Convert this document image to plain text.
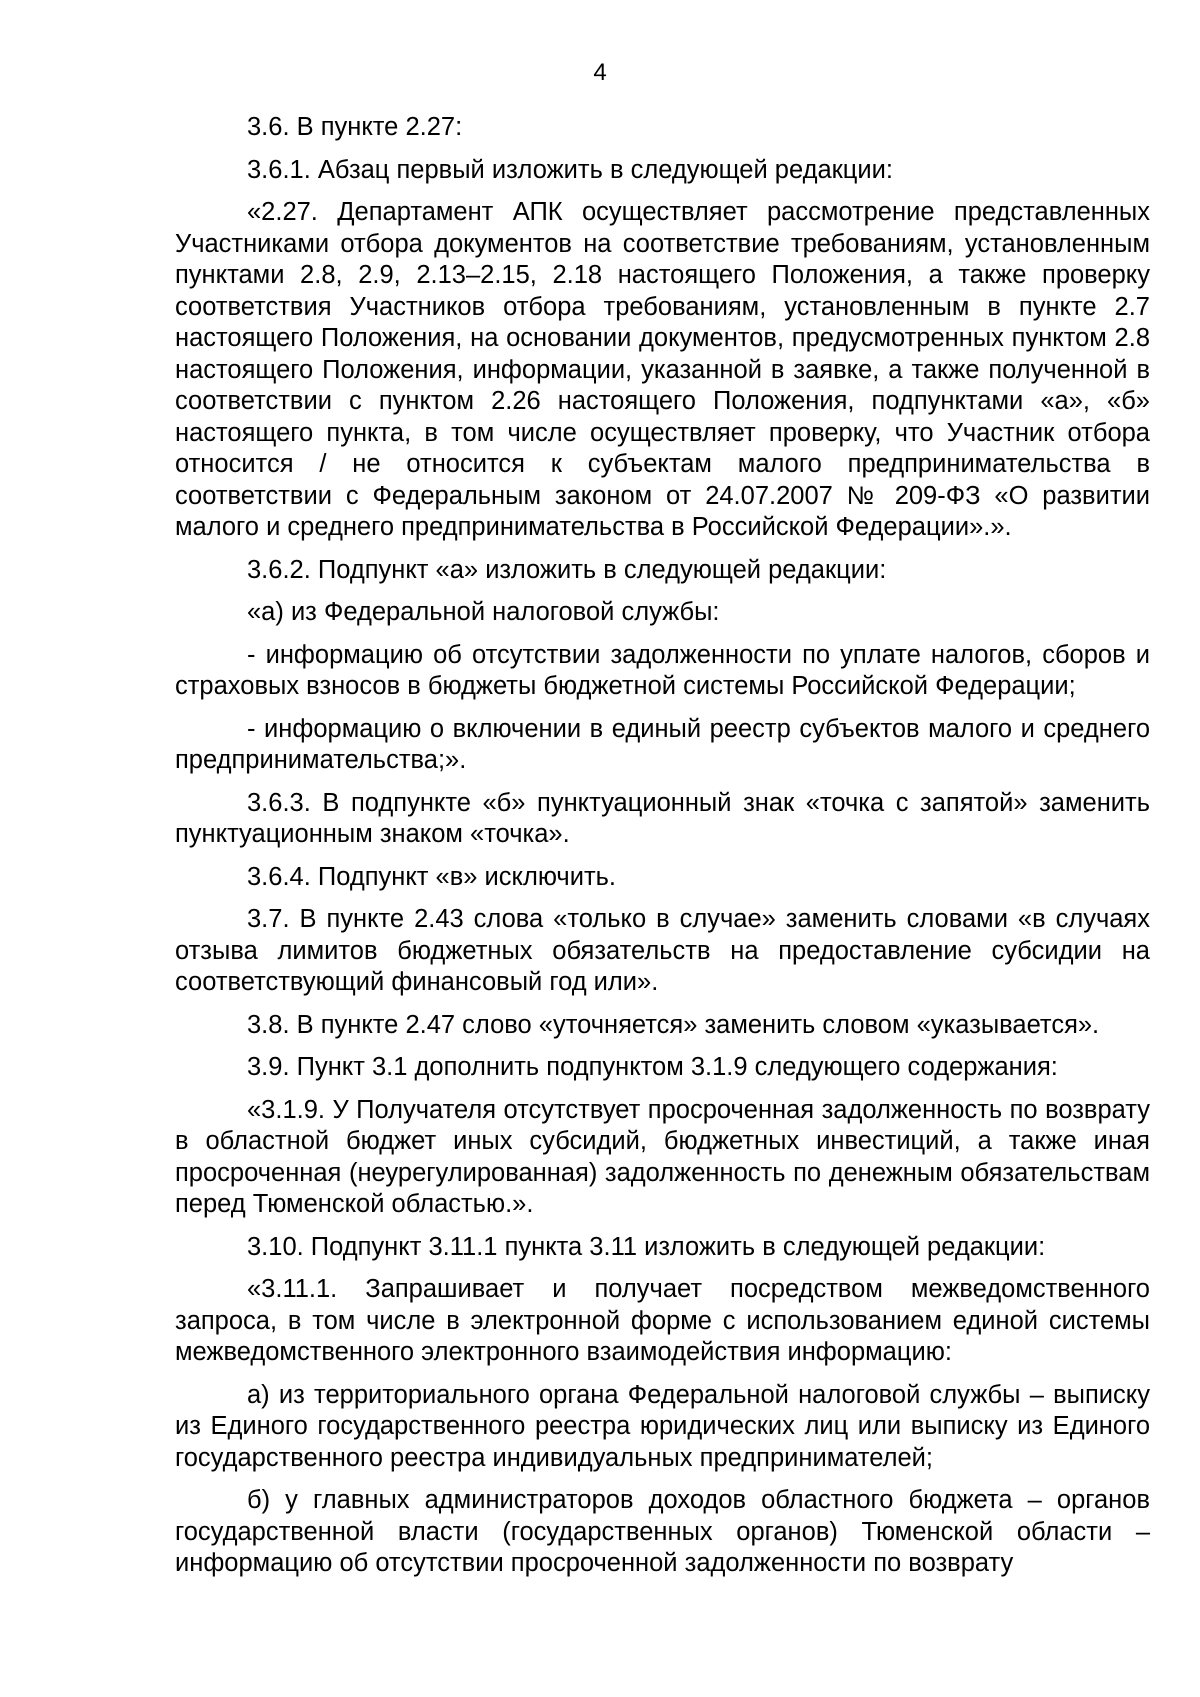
4

3.6. В пункте 2.27:

3.6.1. Абзац первый изложить в следующей редакции:

«2.27. Департамент АПК осуществляет рассмотрение представленных Участниками отбора документов на соответствие требованиям, установленным пунктами 2.8, 2.9, 2.13–2.15, 2.18 настоящего Положения, а также проверку соответствия Участников отбора требованиям, установленным в пункте 2.7 настоящего Положения, на основании документов, предусмотренных пунктом 2.8 настоящего Положения, информации, указанной в заявке, а также полученной в соответствии с пунктом 2.26 настоящего Положения, подпунктами «а», «б» настоящего пункта, в том числе осуществляет проверку, что Участник отбора относится / не относится к субъектам малого предпринимательства в соответствии с Федеральным законом от 24.07.2007 № 209-ФЗ «О развитии малого и среднего предпринимательства в Российской Федерации».».

3.6.2. Подпункт «а» изложить в следующей редакции:

«а) из Федеральной налоговой службы:

- информацию об отсутствии задолженности по уплате налогов, сборов и страховых взносов в бюджеты бюджетной системы Российской Федерации;

- информацию о включении в единый реестр субъектов малого и среднего предпринимательства;».

3.6.3. В подпункте «б» пунктуационный знак «точка с запятой» заменить пунктуационным знаком «точка».

3.6.4. Подпункт «в» исключить.

3.7. В пункте 2.43 слова «только в случае» заменить словами «в случаях отзыва лимитов бюджетных обязательств на предоставление субсидии на соответствующий финансовый год или».

3.8. В пункте 2.47 слово «уточняется» заменить словом «указывается».

3.9. Пункт 3.1 дополнить подпунктом 3.1.9 следующего содержания:

«3.1.9. У Получателя отсутствует просроченная задолженность по возврату в областной бюджет иных субсидий, бюджетных инвестиций, а также иная просроченная (неурегулированная) задолженность по денежным обязательствам перед Тюменской областью.».

3.10. Подпункт 3.11.1 пункта 3.11 изложить в следующей редакции:

«3.11.1. Запрашивает и получает посредством межведомственного запроса, в том числе в электронной форме с использованием единой системы межведомственного электронного взаимодействия информацию:

а) из территориального органа Федеральной налоговой службы – выписку из Единого государственного реестра юридических лиц или выписку из Единого государственного реестра индивидуальных предпринимателей;

б) у главных администраторов доходов областного бюджета – органов государственной власти (государственных органов) Тюменской области – информацию об отсутствии просроченной задолженности по возврату
